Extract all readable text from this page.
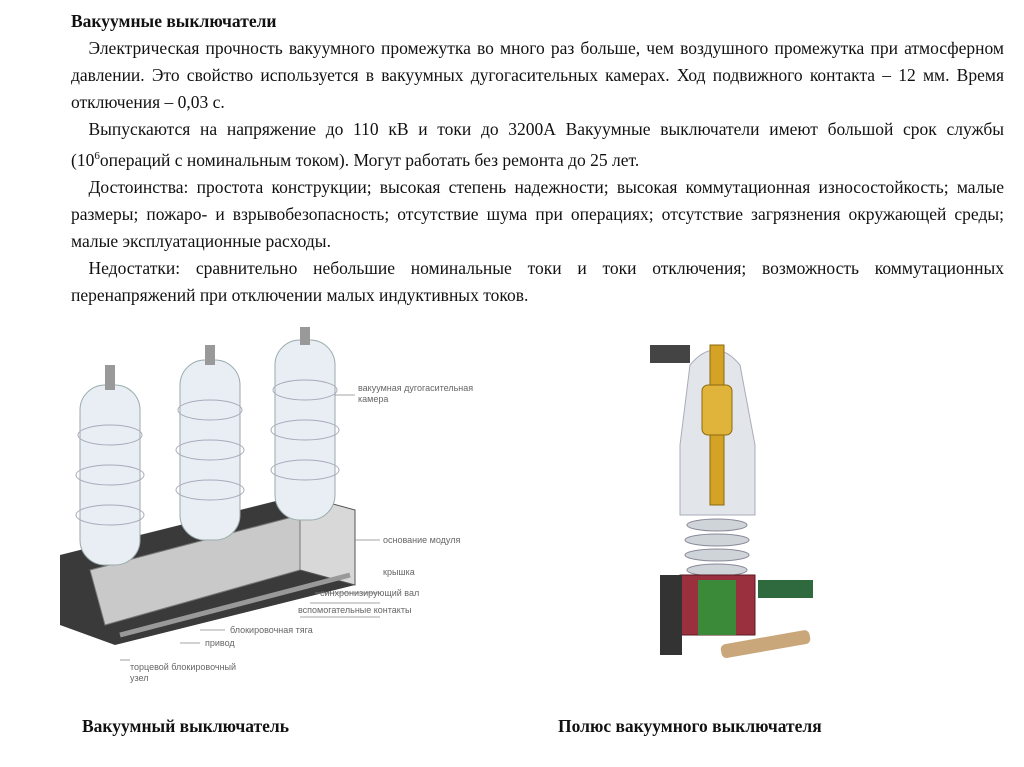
Вакуумные выключатели

 Электрическая прочность вакуумного промежутка во много раз больше, чем воздушного промежутка при атмосферном давлении. Это свойство используется в вакуумных дугогасительных камерах. Ход подвижного контакта – 12 мм. Время отключения – 0,03 с.

 Выпускаются на напряжение до 110 кВ и токи до 3200А Вакуумные выключатели имеют большой срок службы ($10^6операций$ с номинальным током). Могут работать без ремонта до 25 лет.

 Достоинства: простота конструкции; высокая степень надежности; высокая коммутационная износостойкость; малые размеры; пожаро- и взрывобезопасность; отсутствие шума при операциях; отсутствие загрязнения окружающей среды; малые эксплуатационные расходы.

 Недостатки: сравнительно небольшие номинальные токи и токи отключения; возможность коммутационных перенапряжений при отключении малых индуктивных токов.

вакуумная дугогасительная
камера
основание модуля
крышка
синхронизирующий вал
вспомогательные контакты
блокировочная тяга
привод
торцевой блокировочный
узел
Вакуумный выключатель	Полюс вакуумного выключателя
